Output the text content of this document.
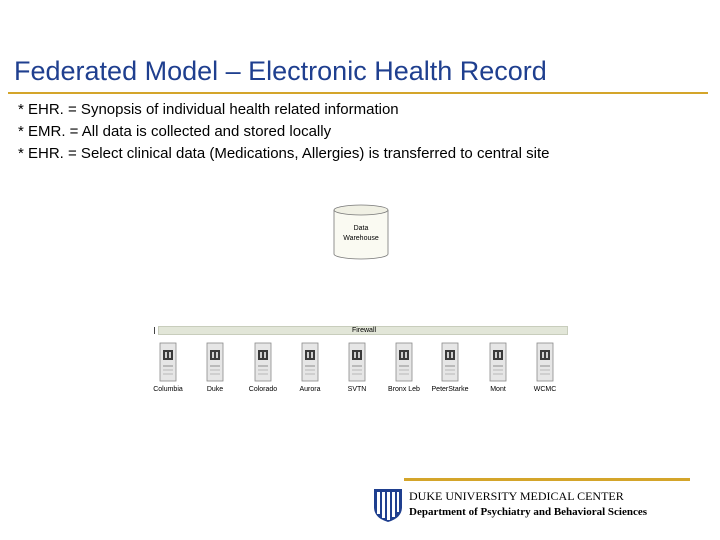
Federated Model – Electronic Health Record
* EHR. = Synopsis of individual health related information
* EMR. = All data is collected and stored locally
* EHR. = Select clinical data (Medications, Allergies) is transferred to central site
Data
Warehouse
Firewall
Columbia	Duke	Colorado	Aurora	SVTN	Bronx Leb	PeterStarke	Mont	WCMC
DUKE UNIVERSITY MEDICAL CENTER
Department of Psychiatry and Behavioral Sciences
